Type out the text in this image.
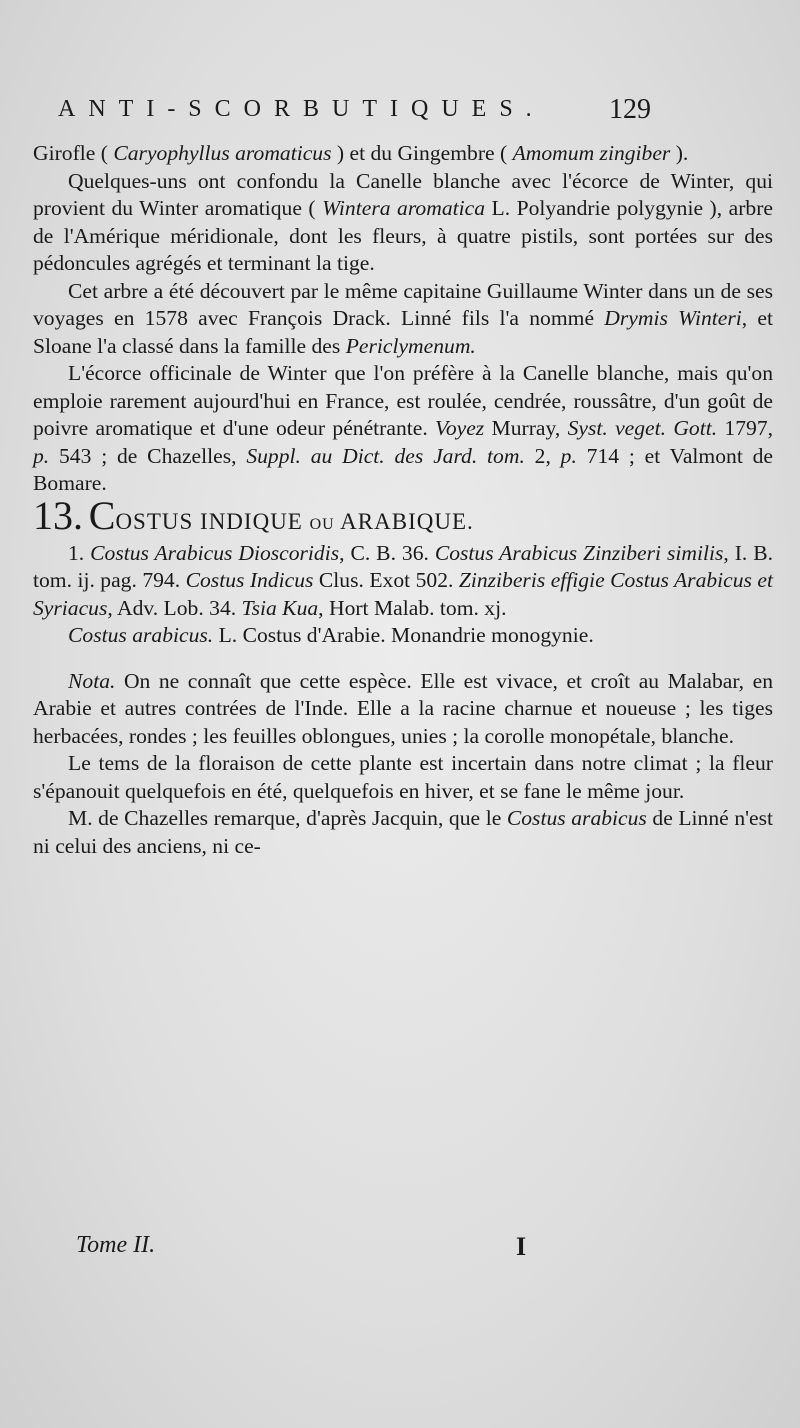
ANTI-SCORBUTIQUES.	129

Girofle ( Caryophyllus aromaticus ) et du Gingembre ( Amomum zingiber ).

Quelques-uns ont confondu la Canelle blanche avec l'écorce de Winter, qui provient du Winter aromatique ( Wintera aromatica L. Polyandrie polygynie ), arbre de l'Amérique méridionale, dont les fleurs, à quatre pistils, sont portées sur des pédoncules agrégés et terminant la tige.

Cet arbre a été découvert par le même capitaine Guillaume Winter dans un de ses voyages en 1578 avec François Drack. Linné fils l'a nommé Drymis Winteri, et Sloane l'a classé dans la famille des Periclymenum.

L'écorce officinale de Winter que l'on préfère à la Canelle blanche, mais qu'on emploie rarement aujourd'hui en France, est roulée, cendrée, roussâtre, d'un goût de poivre aromatique et d'une odeur pénétrante. Voyez Murray, Syst. veget. Gott. 1797, p. 543 ; de Chazelles, Suppl. au Dict. des Jard. tom. 2, p. 714 ; et Valmont de Bomare.

13. COSTUS INDIQUE ou ARABIQUE.

1. Costus Arabicus Dioscoridis, C. B. 36. Costus Arabicus Zinziberi similis, I. B. tom. ij. pag. 794. Costus Indicus Clus. Exot 502. Zinziberis effigie Costus Arabicus et Syriacus, Adv. Lob. 34. Tsia Kua, Hort Malab. tom. xj.

Costus arabicus. L. Costus d'Arabie. Monandrie monogynie.

Nota. On ne connaît que cette espèce. Elle est vivace, et croît au Malabar, en Arabie et autres contrées de l'Inde. Elle a la racine charnue et noueuse ; les tiges herbacées, rondes ; les feuilles oblongues, unies ; la corolle monopétale, blanche.

Le tems de la floraison de cette plante est incertain dans notre climat ; la fleur s'épanouit quelquefois en été, quelquefois en hiver, et se fane le même jour.

M. de Chazelles remarque, d'après Jacquin, que le Costus arabicus de Linné n'est ni celui des anciens, ni ce-

Tome II.	I
